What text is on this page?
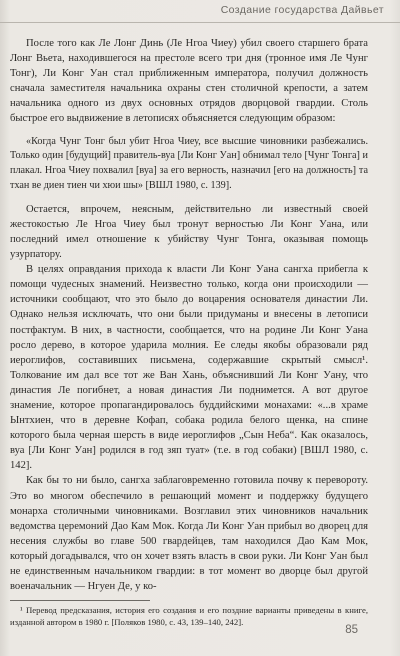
Создание государства Дайвьет

После того как Ле Лонг Динь (Ле Нгоа Чиеу) убил своего старшего брата Лонг Вьета, находившегося на престоле всего три дня (тронное имя Ле Чунг Тонг), Ли Конг Уан стал приближенным императора, получил должность сначала заместителя начальника охраны стен столичной крепости, а затем начальника одного из двух основных отрядов дворцовой гвардии. Столь быстрое его выдвижение в летописях объясняется следующим образом:

«Когда Чунг Тонг был убит Нгоа Чиеу, все высшие чиновники разбежались. Только один [будущий] правитель-вуа [Ли Конг Уан] обнимал тело [Чунг Тонга] и плакал. Нгоа Чиеу похвалил [вуа] за его верность, назначил [его на должность] та тхан ве диен тиен чи хюи шы» [ВШЛ 1980, с. 139].

Остается, впрочем, неясным, действительно ли известный своей жестокостью Ле Нгоа Чиеу был тронут верностью Ли Конг Уана, или последний имел отношение к убийству Чунг Тонга, оказывая помощь узурпатору.

В целях оправдания прихода к власти Ли Конг Уана сангха прибегла к помощи чудесных знамений. Неизвестно только, когда они происходили — источники сообщают, что это было до воцарения основателя династии Ли. Однако нельзя исключать, что они были придуманы и внесены в летописи постфактум. В них, в частности, сообщается, что на родине Ли Конг Уана росло дерево, в которое ударила молния. Ее следы якобы образовали ряд иероглифов, составивших письмена, содержавшие скрытый смысл¹. Толкование им дал все тот же Ван Хань, объяснивший Ли Конг Уану, что династия Ле погибнет, а новая династия Ли поднимется. А вот другое знамение, которое пропагандировалось буддийскими монахами: «...в храме Ынтхиен, что в деревне Кофап, собака родила белого щенка, на спине которого была черная шерсть в виде иероглифов „Сын Неба“. Как оказалось, вуа [Ли Конг Уан] родился в год зяп туат» (т.е. в год собаки) [ВШЛ 1980, с. 142].

Как бы то ни было, сангха заблаговременно готовила почву к перевороту. Это во многом обеспечило в решающий момент и поддержку будущего монарха столичными чиновниками. Возглавил этих чиновников начальник ведомства церемоний Дао Кам Мок. Когда Ли Конг Уан прибыл во дворец для несения службы во главе 500 гвардейцев, там находился Дао Кам Мок, который догадывался, что он хочет взять власть в свои руки. Ли Конг Уан был не единственным начальником гвардии: в тот момент во дворце был другой военачальник — Нгуен Де, у ко-

¹ Перевод предсказания, история его создания и его поздние варианты приведены в книге, изданной автором в 1980 г. [Поляков 1980, с. 43, 139–140, 242].

85
